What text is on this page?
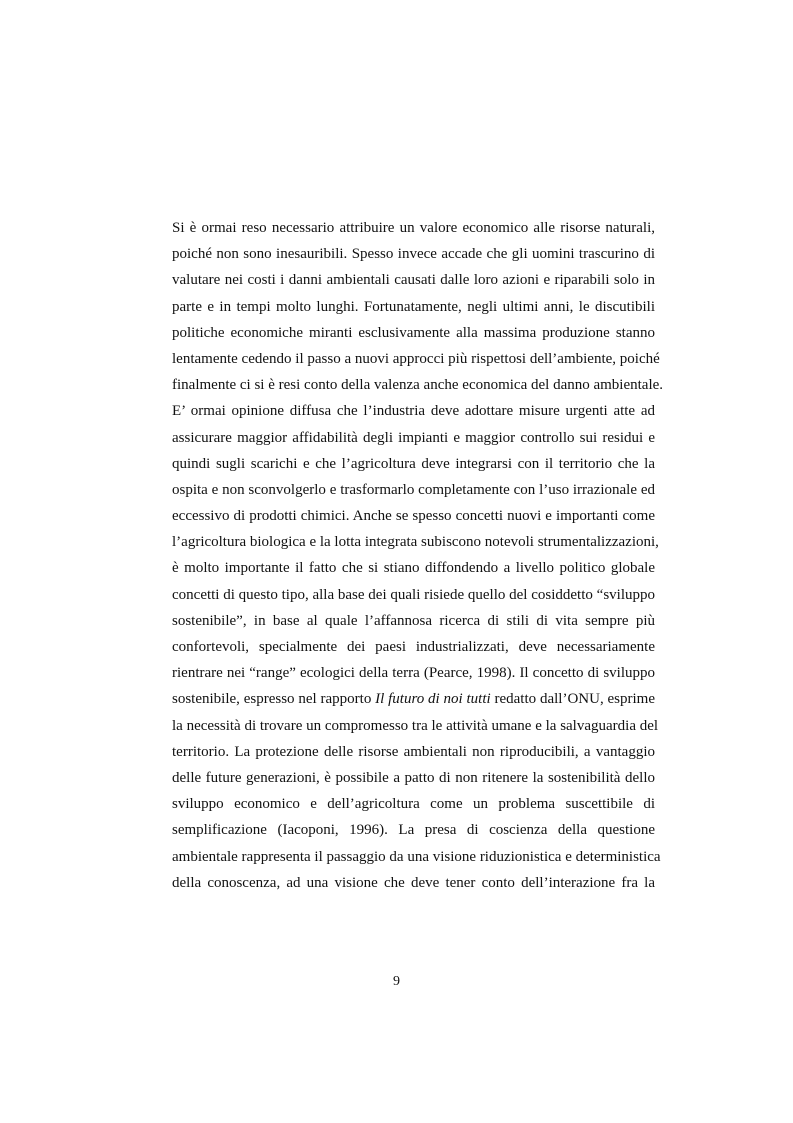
Si è ormai reso necessario attribuire un valore economico alle risorse naturali,
poiché non sono inesauribili. Spesso invece accade che gli uomini trascurino di
valutare nei costi i danni ambientali causati dalle loro azioni e riparabili solo in
parte e in tempi molto lunghi. Fortunatamente, negli ultimi anni, le discutibili
politiche economiche miranti esclusivamente alla massima produzione stanno
lentamente cedendo il passo a nuovi approcci più rispettosi dell’ambiente, poiché
finalmente ci si è resi conto della valenza anche economica del danno ambientale.
E’ ormai opinione diffusa che l’industria deve adottare misure urgenti atte ad
assicurare maggior affidabilità degli impianti e maggior controllo sui residui e
quindi sugli scarichi e che l’agricoltura deve integrarsi con il territorio che la
ospita e non sconvolgerlo e trasformarlo completamente con l’uso irrazionale ed
eccessivo di prodotti chimici. Anche se spesso concetti nuovi e importanti come
l’agricoltura biologica e la lotta integrata subiscono notevoli strumentalizzazioni,
è molto importante il fatto che si stiano diffondendo a livello politico globale
concetti di questo tipo, alla base dei quali risiede quello del cosiddetto “sviluppo
sostenibile”, in base al quale l’affannosa ricerca di stili di vita sempre più
confortevoli, specialmente dei paesi industrializzati, deve necessariamente
rientrare nei “range” ecologici della terra (Pearce, 1998). Il concetto di sviluppo
sostenibile, espresso nel rapporto Il futuro di noi tutti redatto dall’ONU, esprime
la necessità di trovare un compromesso tra le attività umane e la salvaguardia del
territorio. La protezione delle risorse ambientali non riproducibili, a vantaggio
delle future generazioni, è possibile a patto di non ritenere la sostenibilità dello
sviluppo economico e dell’agricoltura come un problema suscettibile di
semplificazione (Iacoponi, 1996). La presa di coscienza della questione
ambientale rappresenta il passaggio da una visione riduzionistica e deterministica
della conoscenza, ad una visione che deve tener conto dell’interazione fra la
9
